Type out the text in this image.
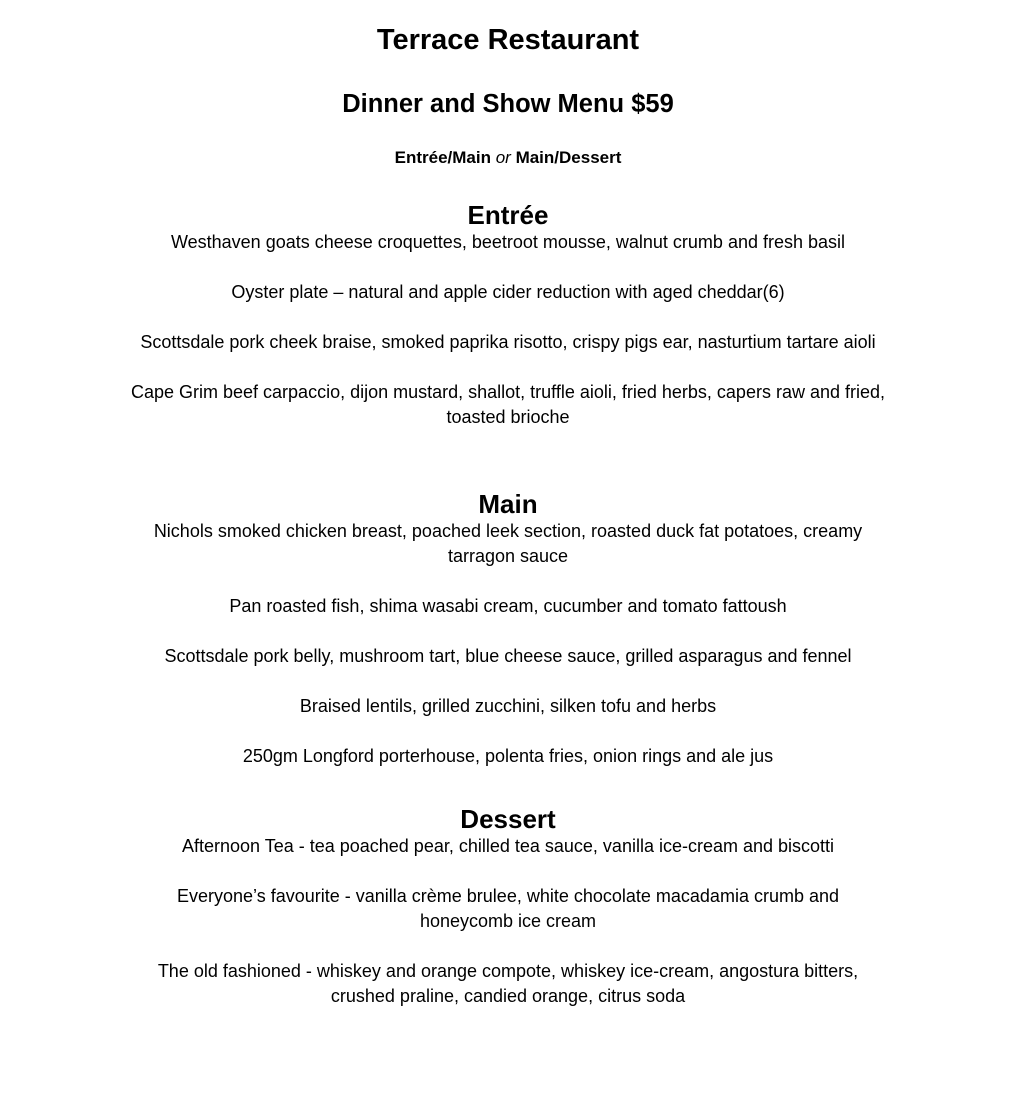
Terrace Restaurant
Dinner and Show Menu $59
Entrée/Main or Main/Dessert
Entrée
Westhaven goats cheese croquettes, beetroot mousse, walnut crumb and fresh basil
Oyster plate – natural and apple cider reduction with aged cheddar(6)
Scottsdale pork cheek braise, smoked paprika risotto, crispy pigs ear, nasturtium tartare aioli
Cape Grim beef carpaccio, dijon mustard, shallot, truffle aioli, fried herbs, capers raw and fried, toasted brioche
Main
Nichols smoked chicken breast, poached leek section, roasted duck fat potatoes, creamy tarragon sauce
Pan roasted fish, shima wasabi cream, cucumber and tomato fattoush
Scottsdale pork belly, mushroom tart, blue cheese sauce, grilled asparagus and fennel
Braised lentils, grilled zucchini, silken tofu and herbs
250gm Longford porterhouse, polenta fries, onion rings and ale jus
Dessert
Afternoon Tea - tea poached pear, chilled tea sauce, vanilla ice-cream and biscotti
Everyone’s favourite - vanilla crème brulee, white chocolate macadamia crumb and honeycomb ice cream
The old fashioned - whiskey and orange compote, whiskey ice-cream, angostura bitters, crushed praline, candied orange, citrus soda
